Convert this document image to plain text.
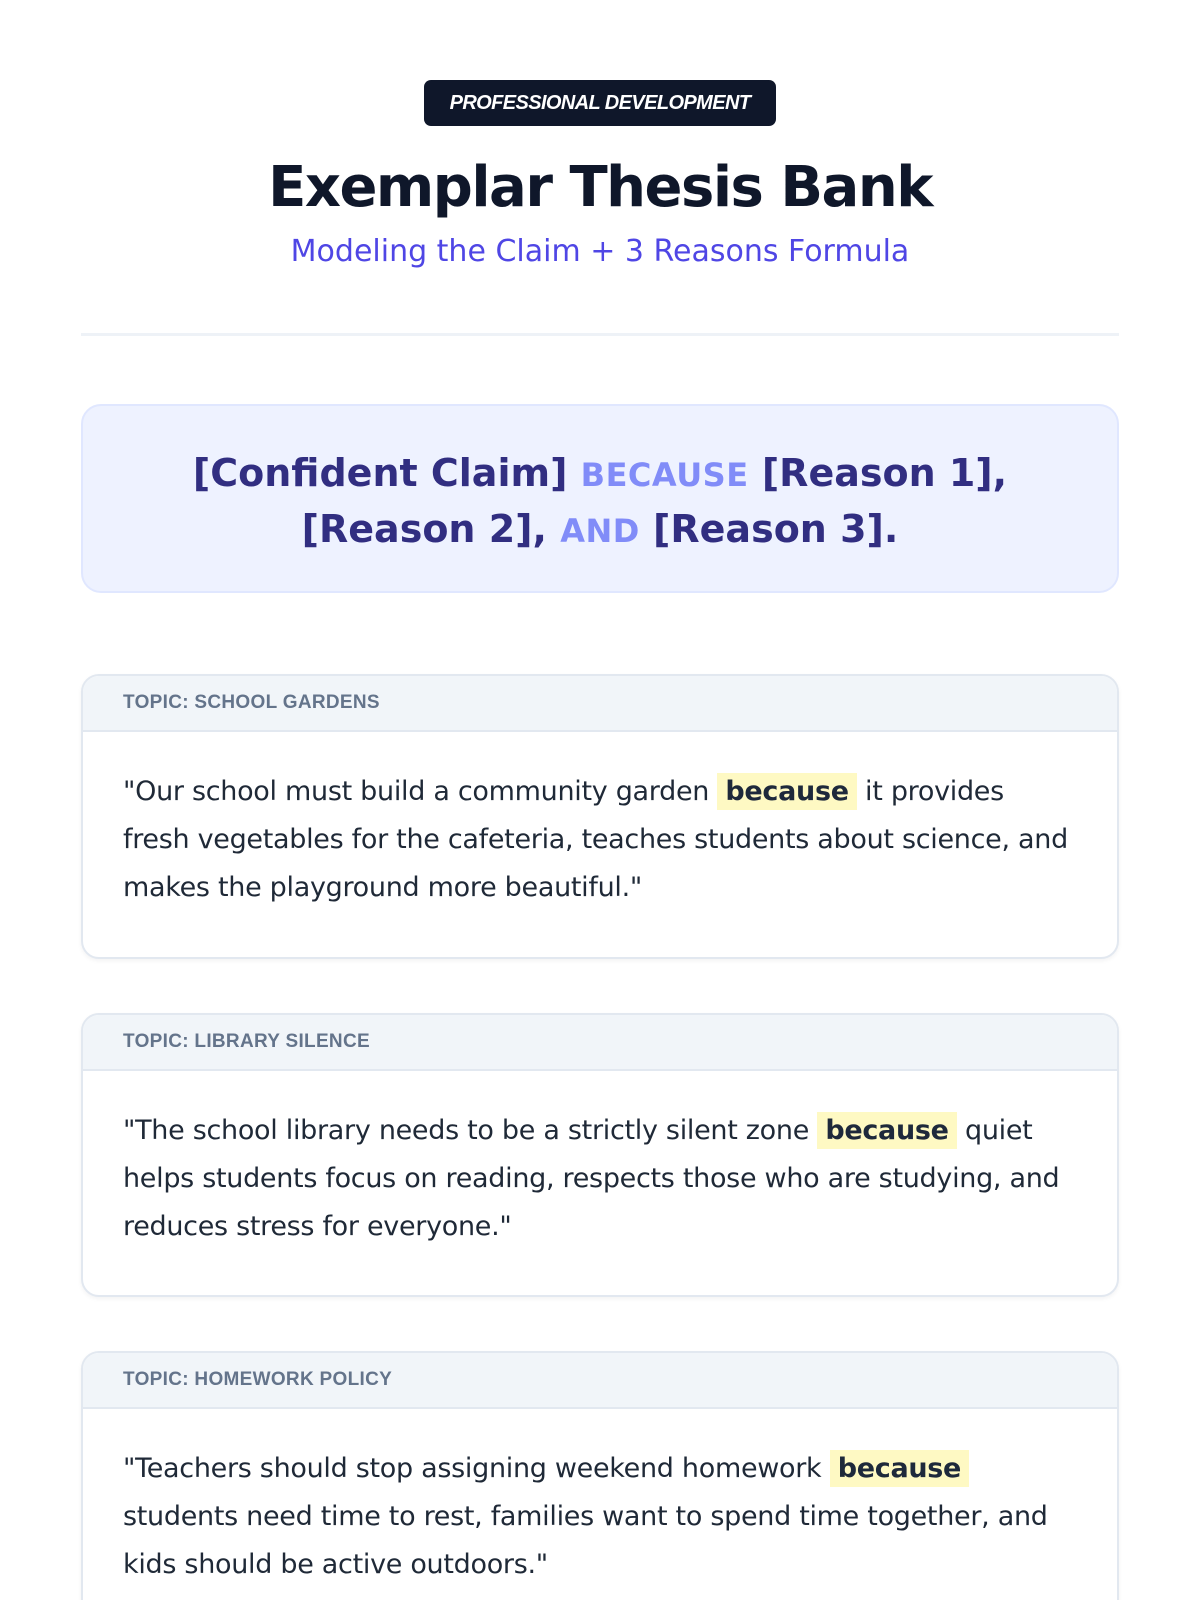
PROFESSIONAL DEVELOPMENT
Exemplar Thesis Bank
Modeling the Claim + 3 Reasons Formula
[Confident Claim] BECAUSE [Reason 1], [Reason 2], AND [Reason 3].
TOPIC: SCHOOL GARDENS
"Our school must build a community garden because it provides fresh vegetables for the cafeteria, teaches students about science, and makes the playground more beautiful."
TOPIC: LIBRARY SILENCE
"The school library needs to be a strictly silent zone because quiet helps students focus on reading, respects those who are studying, and reduces stress for everyone."
TOPIC: HOMEWORK POLICY
"Teachers should stop assigning weekend homework because students need time to rest, families want to spend time together, and kids should be active outdoors."
